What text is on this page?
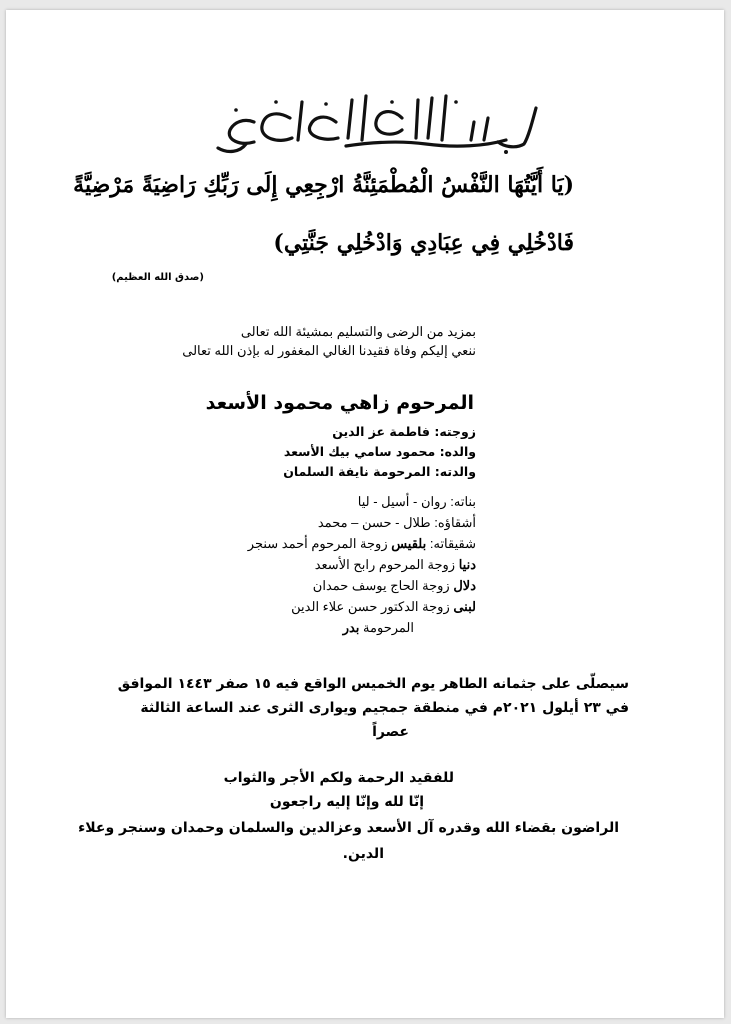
(يَا أَيَّتُهَا النَّفْسُ الْمُطْمَئِنَّةُ ارْجِعِي إِلَى رَبِّكِ رَاضِيَةً مَرْضِيَّةً
فَادْخُلِي فِي عِبَادِي وَادْخُلِي جَنَّتِي)
(صدق الله العظيم)
بمزيد من الرضى والتسليم بمشيئة الله تعالى
ننعي إليكم وفاة فقيدنا الغالي المغفور له بإذن الله تعالى
المرحوم زاهي محمود الأسعد
زوجته: فاطمة عز الدين
والده: محمود سامي بيك الأسعد
والدته: المرحومة نايفة السلمان
بناته: روان - أسيل - ليا
أشقاؤه: طلال - حسن – محمد
شقيقاته: بلقيس زوجة المرحوم أحمد سنجر
دنيا زوجة المرحوم رابح الأسعد
دلال زوجة الحاج يوسف حمدان
لبنى زوجة الدكتور حسن علاء الدين
المرحومة بدر
سيصلّى على جثمانه الطاهر يوم الخميس الواقع فيه ١٥ صفر ١٤٤٣ الموافق
في ٢٣ أيلول ٢٠٢١م في منطقة جمجيم ويوارى الثرى عند الساعة الثالثة
عصراً
للفقيد الرحمة ولكم الأجر والثواب
إنّا لله وإنّا إليه راجعون
الراضون بقضاء الله وقدره آل الأسعد وعزالدين والسلمان وحمدان وسنجر وعلاء
الدين.
